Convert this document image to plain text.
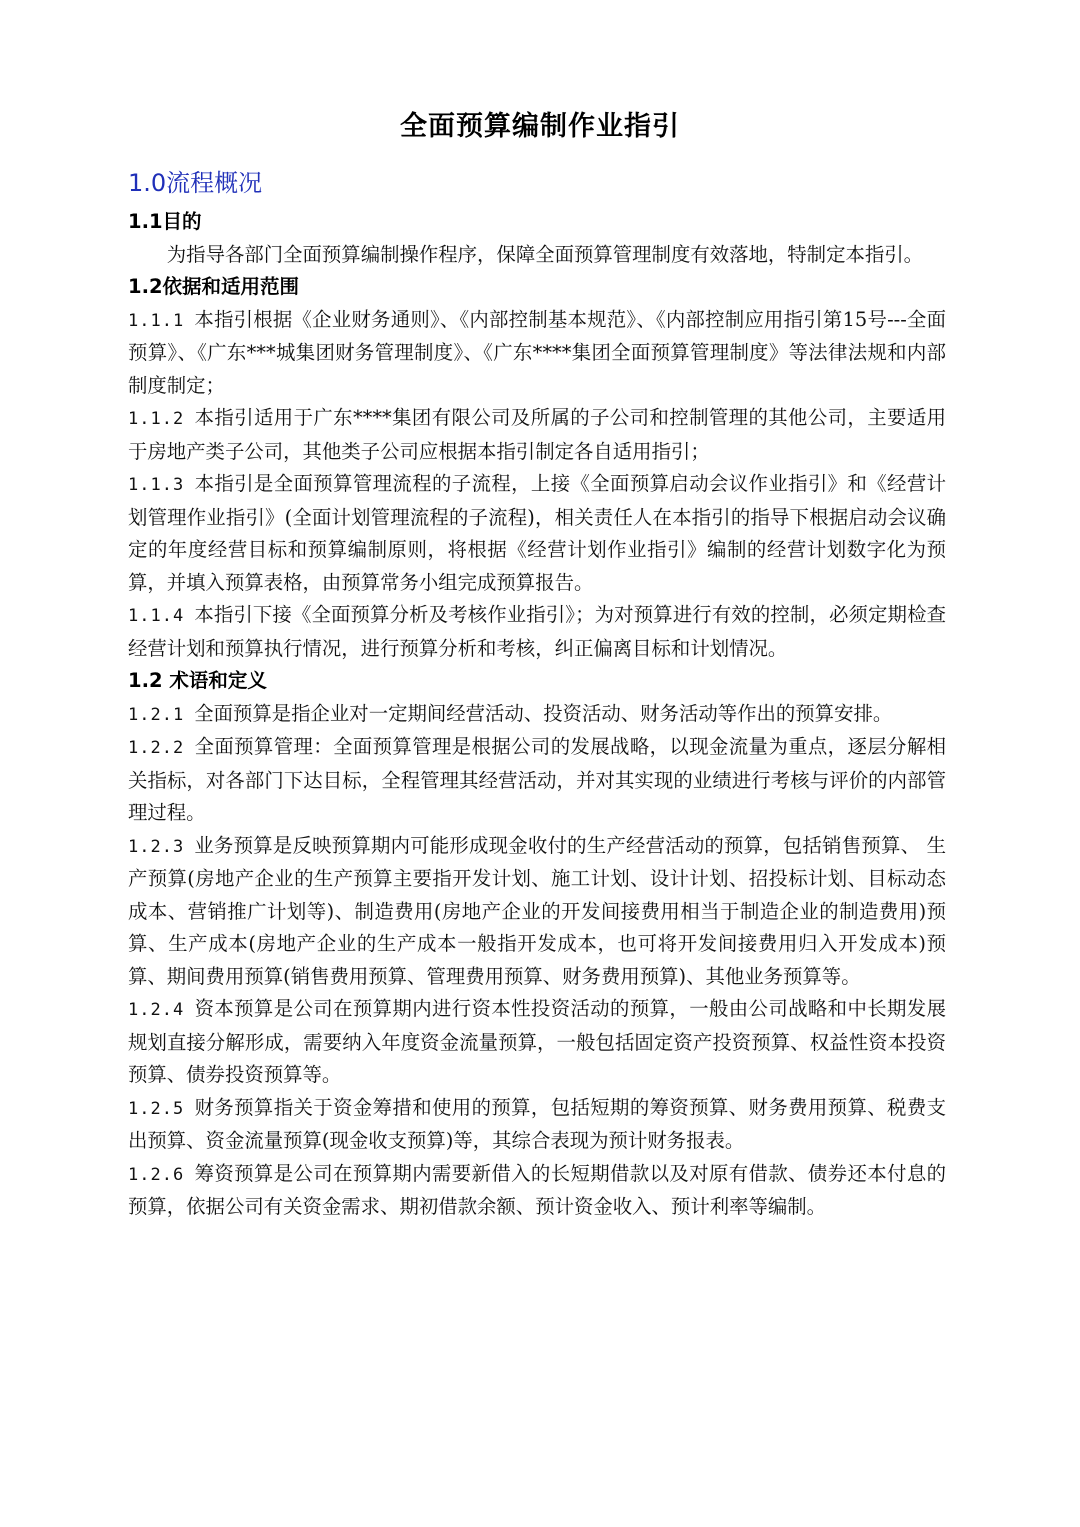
全面预算编制作业指引
1.0流程概况

1.1目的

为指导各部门全面预算编制操作程序，保障全面预算管理制度有效落地，特制定本指引。

1.2依据和适用范围

1.1.1 本指引根据《企业财务通则》、《内部控制基本规范》、《内部控制应用指引第15号---全面预算》、《广东***城集团财务管理制度》、《广东****集团全面预算管理制度》等法律法规和内部制度制定；

1.1.2 本指引适用于广东****集团有限公司及所属的子公司和控制管理的其他公司，主要适用于房地产类子公司，其他类子公司应根据本指引制定各自适用指引；

1.1.3 本指引是全面预算管理流程的子流程，上接《全面预算启动会议作业指引》和《经营计划管理作业指引》(全面计划管理流程的子流程)，相关责任人在本指引的指导下根据启动会议确定的年度经营目标和预算编制原则，将根据《经营计划作业指引》编制的经营计划数字化为预算，并填入预算表格，由预算常务小组完成预算报告。

1.1.4 本指引下接《全面预算分析及考核作业指引》；为对预算进行有效的控制，必须定期检查经营计划和预算执行情况，进行预算分析和考核，纠正偏离目标和计划情况。

1.2 术语和定义

1.2.1 全面预算是指企业对一定期间经营活动、投资活动、财务活动等作出的预算安排。

1.2.2 全面预算管理：全面预算管理是根据公司的发展战略，以现金流量为重点，逐层分解相关指标，对各部门下达目标，全程管理其经营活动，并对其实现的业绩进行考核与评价的内部管理过程。

1.2.3 业务预算是反映预算期内可能形成现金收付的生产经营活动的预算，包括销售预算、 生产预算(房地产企业的生产预算主要指开发计划、施工计划、设计计划、招投标计划、目标动态成本、营销推广计划等)、制造费用(房地产企业的开发间接费用相当于制造企业的制造费用)预算、生产成本(房地产企业的生产成本一般指开发成本，也可将开发间接费用归入开发成本)预算、期间费用预算(销售费用预算、管理费用预算、财务费用预算)、其他业务预算等。

1.2.4 资本预算是公司在预算期内进行资本性投资活动的预算，一般由公司战略和中长期发展规划直接分解形成，需要纳入年度资金流量预算，一般包括固定资产投资预算、权益性资本投资预算、债券投资预算等。

1.2.5 财务预算指关于资金筹措和使用的预算，包括短期的筹资预算、财务费用预算、税费支出预算、资金流量预算(现金收支预算)等，其综合表现为预计财务报表。

1.2.6 筹资预算是公司在预算期内需要新借入的长短期借款以及对原有借款、债券还本付息的预算，依据公司有关资金需求、期初借款余额、预计资金收入、预计利率等编制。
